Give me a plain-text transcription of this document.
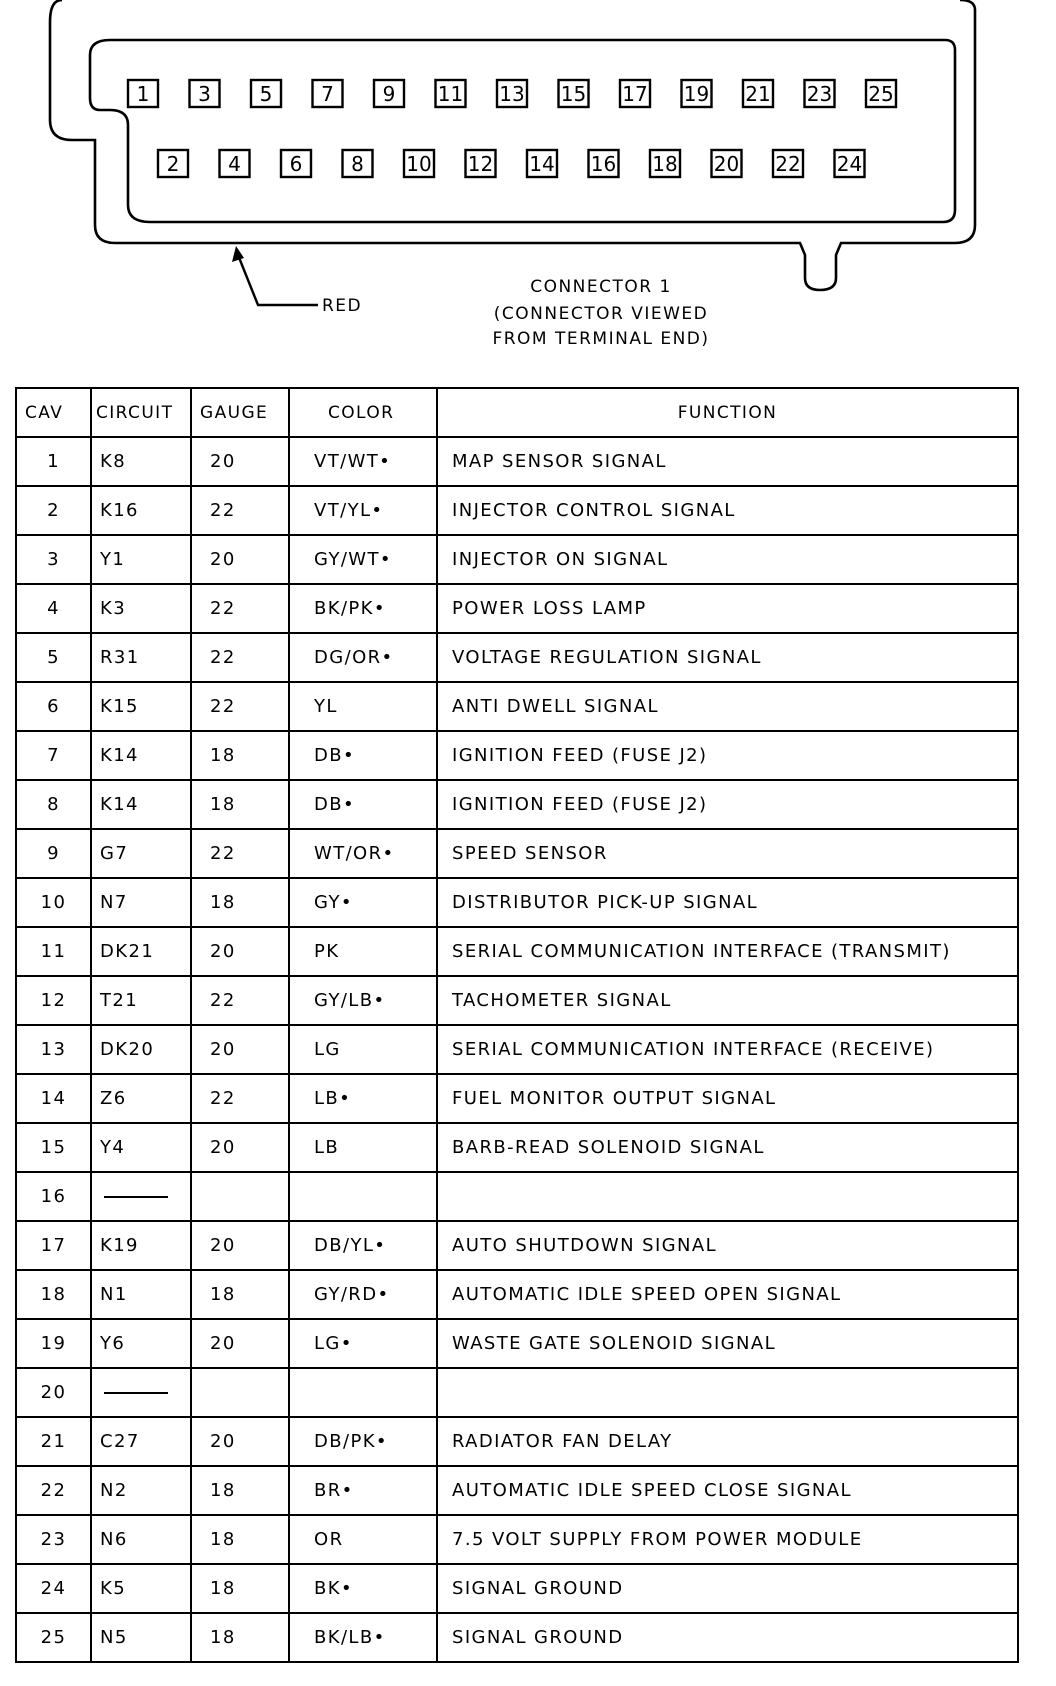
1 3 5 7 9 11 13 15 17 19 21 23 25
2 4 6 8 10 12 14 16 18 20 22 24
RED
CONNECTOR 1
(CONNECTOR VIEWED
FROM TERMINAL END)
CAV	CIRCUIT	GAUGE	COLOR	FUNCTION
1	K8	20	VT/WT•	MAP SENSOR SIGNAL
2	K16	22	VT/YL•	INJECTOR CONTROL SIGNAL
3	Y1	20	GY/WT•	INJECTOR ON SIGNAL
4	K3	22	BK/PK•	POWER LOSS LAMP
5	R31	22	DG/OR•	VOLTAGE REGULATION SIGNAL
6	K15	22	YL	ANTI DWELL SIGNAL
7	K14	18	DB•	IGNITION FEED (FUSE J2)
8	K14	18	DB•	IGNITION FEED (FUSE J2)
9	G7	22	WT/OR•	SPEED SENSOR
10	N7	18	GY•	DISTRIBUTOR PICK-UP SIGNAL
11	DK21	20	PK	SERIAL COMMUNICATION INTERFACE (TRANSMIT)
12	T21	22	GY/LB•	TACHOMETER SIGNAL
13	DK20	20	LG	SERIAL COMMUNICATION INTERFACE (RECEIVE)
14	Z6	22	LB•	FUEL MONITOR OUTPUT SIGNAL
15	Y4	20	LB	BARB-READ SOLENOID SIGNAL
16				
17	K19	20	DB/YL•	AUTO SHUTDOWN SIGNAL
18	N1	18	GY/RD•	AUTOMATIC IDLE SPEED OPEN SIGNAL
19	Y6	20	LG•	WASTE GATE SOLENOID SIGNAL
20				
21	C27	20	DB/PK•	RADIATOR FAN DELAY
22	N2	18	BR•	AUTOMATIC IDLE SPEED CLOSE SIGNAL
23	N6	18	OR	7.5 VOLT SUPPLY FROM POWER MODULE
24	K5	18	BK•	SIGNAL GROUND
25	N5	18	BK/LB•	SIGNAL GROUND
